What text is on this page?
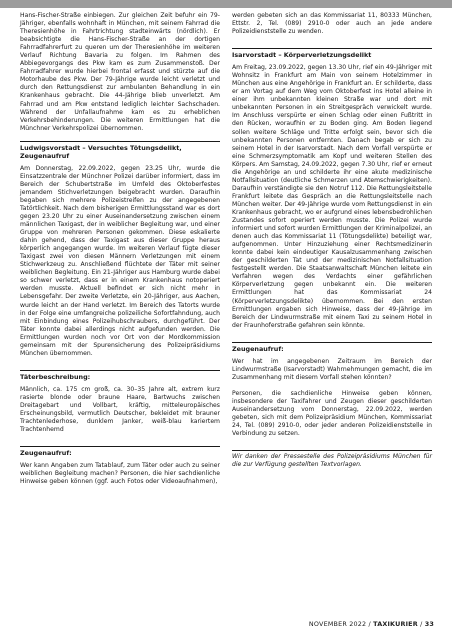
Hans-Fischer-Straße einbiegen. Zur gleichen Zeit befuhr ein 79-Jähriger, ebenfalls wohnhaft in München, mit seinem Fahrrad die Theresienhöhe in Fahrtrichtung stadteinwärts (nördlich). Er beabsichtigte die Hans-Fischer-Straße an der dortigen Fahrradfahrerfurt zu queren um der Theresienhöhe im weiteren Verlauf Richtung Bavaria zu folgen. Im Rahmen des Abbiegevorgangs des Pkw kam es zum Zusammenstoß. Der Fahrradfahrer wurde hierbei frontal erfasst und stürzte auf die Motorhaube des Pkw. Der 79-Jährige wurde leicht verletzt und durch den Rettungsdienst zur ambulanten Behandlung in ein Krankenhaus gebracht. Die 44-Jährige blieb unverletzt. Am Fahrrad und am Pkw entstand lediglich leichter Sachschaden. Während der Unfallaufnahme kam es zu erheblichen Verkehrsbehinderungen. Die weiteren Ermittlungen hat die Münchner Verkehrspolizei übernommen.

Ludwigsvorstadt – Versuchtes Tötungsdelikt, Zeugenaufruf

Am Donnerstag, 22.09.2022, gegen 23.25 Uhr, wurde die Einsatzzentrale der Münchner Polizei darüber informiert, dass im Bereich der Schubertstraße im Umfeld des Oktoberfestes jemandem Stichverletzungen beigebracht wurden. Daraufhin begaben sich mehrere Polizeistreifen zu der angegebenen Tatörtlichkeit. Nach dem bisherigen Ermittlungsstand war es dort gegen 23.20 Uhr zu einer Auseinandersetzung zwischen einem männlichen Taxigast, der in weiblicher Begleitung war, und einer Gruppe von mehreren Personen gekommen. Diese eskalierte dahin gehend, dass der Taxigast aus dieser Gruppe heraus körperlich angegangen wurde. Im weiteren Verlauf fügte dieser Taxigast zwei von diesen Männern Verletzungen mit einem Stichwerkzeug zu. Anschließend flüchtete der Täter mit seiner weiblichen Begleitung. Ein 21-Jähriger aus Hamburg wurde dabei so schwer verletzt, dass er in einem Krankenhaus notoperiert werden musste. Aktuell befindet er sich nicht mehr in Lebensgefahr. Der zweite Verletzte, ein 20-Jähriger, aus Aachen, wurde leicht an der Hand verletzt. Im Bereich des Tatorts wurde in der Folge eine umfangreiche polizeiliche Sofortfahndung, auch mit Einbindung eines Polizeihubschraubers, durchgeführt. Der Täter konnte dabei allerdings nicht aufgefunden werden. Die Ermittlungen wurden noch vor Ort von der Mordkommission gemeinsam mit der Spurensicherung des Polizeipräsidiums München übernommen.

Täterbeschreibung:

Männlich, ca. 175 cm groß, ca. 30–35 Jahre alt, extrem kurz rasierte blonde oder braune Haare, Bartwuchs zwischen Dreitagebart und Vollbart, kräftig, mitteleuropäisches Erscheinungsbild, vermutlich Deutscher, bekleidet mit brauner Trachtenlederhose, dunklem Janker, weiß-blau kariertem Trachtenhemd

Zeugenaufruf:

Wer kann Angaben zum Tatablauf, zum Täter oder auch zu seiner weiblichen Begleitung machen? Personen, die hier sachdienliche Hinweise geben können (ggf. auch Fotos oder Videoaufnahmen),

werden gebeten sich an das Kommissariat 11, 80333 München, Ettstr. 2, Tel. (089) 2910-0 oder auch an jede andere Polizeidienststelle zu wenden.

Isarvorstadt – Körperverletzungsdelikt

Am Freitag, 23.09.2022, gegen 13.30 Uhr, rief ein 49-Jähriger mit Wohnsitz in Frankfurt am Main von seinem Hotelzimmer in München aus eine Angehörige in Frankfurt an. Er schilderte, dass er am Vortag auf dem Weg vom Oktoberfest ins Hotel alleine in einer ihm unbekannten kleinen Straße war und dort mit unbekannten Personen in ein Streitgespräch verwickelt wurde. Im Anschluss verspürte er einen Schlag oder einen Fußtritt in den Rücken, woraufhin er zu Boden ging. Am Boden liegend sollen weitere Schläge und Tritte erfolgt sein, bevor sich die unbekannten Personen entfernten. Danach begab er sich zu seinem Hotel in der Isarvorstadt. Nach dem Vorfall verspürte er eine Schmerzsymptomatik am Kopf und weiteren Stellen des Körpers. Am Samstag, 24.09.2022, gegen 7.30 Uhr, rief er erneut die Angehörige an und schilderte ihr eine akute medizinische Notfallsituation (deutliche Schmerzen und Atemschwierigkeiten). Daraufhin verständigte sie den Notruf 112. Die Rettungsleitstelle Frankfurt leitete das Gespräch an die Rettungsleitstelle nach München weiter. Der 49-Jährige wurde vom Rettungsdienst in ein Krankenhaus gebracht, wo er aufgrund eines lebensbedrohlichen Zustandes sofort operiert werden musste. Die Polizei wurde informiert und sofort wurden Ermittlungen der Kriminalpolizei, an denen auch das Kommissariat 11 (Tötungsdelikte) beteiligt war, aufgenommen. Unter Hinzuziehung einer Rechtsmedizinerin konnte dabei kein eindeutiger Kausalzusammenhang zwischen der geschilderten Tat und der medizinischen Notfallsituation festgestellt werden. Die Staatsanwaltschaft München leitete ein Verfahren wegen des Verdachts einer gefährlichen Körperverletzung gegen unbekannt ein. Die weiteren Ermittlungen hat das Kommissariat 24 (Körperverletzungsdelikte) übernommen. Bei den ersten Ermittlungen ergaben sich Hinweise, dass der 49-Jährige im Bereich der Lindwurmstraße mit einem Taxi zu seinem Hotel in der Fraunhoferstraße gefahren sein könnte.

Zeugenaufruf:

Wer hat im angegebenen Zeitraum im Bereich der Lindwurmstraße (Isarvorstadt) Wahrnehmungen gemacht, die im Zusammenhang mit diesem Vorfall stehen könnten?

Personen, die sachdienliche Hinweise geben können, insbesondere der Taxifahrer und Zeugen dieser geschilderten Auseinandersetzung vom Donnerstag, 22.09.2022, werden gebeten, sich mit dem Polizeipräsidium München, Kommissariat 24, Tel. (089) 2910-0, oder jeder anderen Polizeidienststelle in Verbindung zu setzen.

Wir danken der Pressestelle des Polizeipräsidiums München für die zur Verfügung gestellten Textvorlagen.

NOVEMBER 2022 / TAXIKURIER / 33
